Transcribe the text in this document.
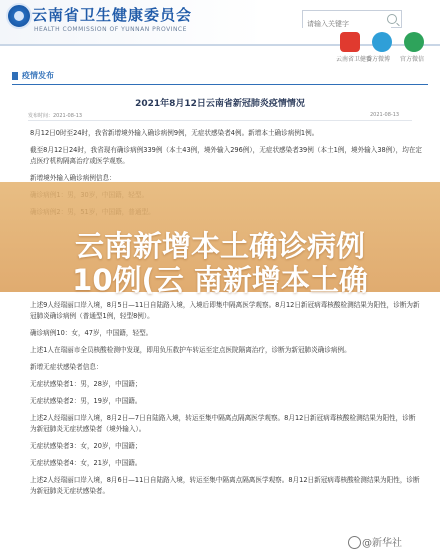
云南省卫生健康委员会
HEALTH COMMISSION OF YUNNAN PROVINCE
请输入关键字
云南省卫健委
官方微博 官方微信
疫情发布
2021年8月12日云南省新冠肺炎疫情情况
发布时间：2021-08-13	2021-08-13

8月12日0时至24时，我省新增境外输入确诊病例9例，无症状感染者4例。新增本土确诊病例1例。

截至8月12日24时，我省现有确诊病例339例（本土43例，境外输入296例），无症状感染者39例（本土1例，境外输入38例），均在定点医疗机构隔离治疗或医学观察。

新增境外输入确诊病例信息：

云南新增本土确诊病例
10例(云 南新增本土确

上述9人经瑞丽口岸入境，8月5日—11日自陆路入境，入境后即集中隔离医学观察。8月12日新冠病毒核酸检测结果为阳性，诊断为新冠肺炎确诊病例（普通型1例，轻型8例）。

确诊病例10：女，47岁，中国籍，轻型。

上述1人在瑞丽市全员核酸检测中发现，即用负压救护车转运至定点医院隔离治疗，诊断为新冠肺炎确诊病例。

新增无症状感染者信息：

无症状感染者1：男，28岁，中国籍；

无症状感染者2：男，19岁，中国籍。

上述2人经瑞丽口岸入境，8月2日—7日自陆路入境，转运至集中隔离点隔离医学观察。8月12日新冠病毒核酸检测结果为阳性，诊断为新冠肺炎无症状感染者（境外输入）。

无症状感染者3：女，20岁，中国籍；

无症状感染者4：女，21岁，中国籍。

上述2人经瑞丽口岸入境，8月6日—11日自陆路入境，转运至集中隔离点隔离医学观察。8月12日新冠病毒核酸检测结果为阳性，诊断为新冠肺炎无症状感染者。

@新华社
